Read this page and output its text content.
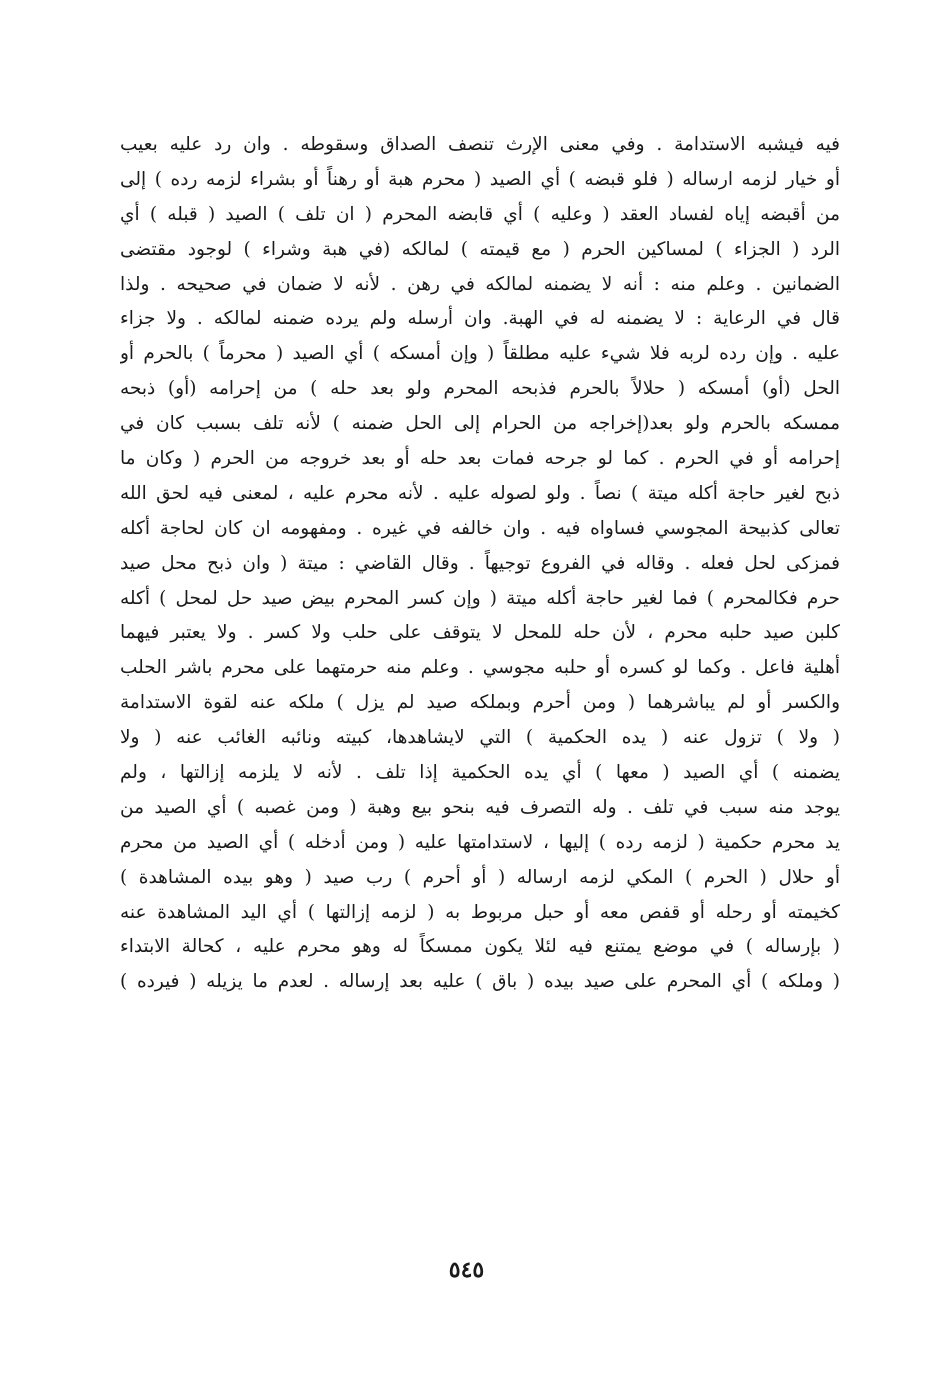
فيه فيشبه الاستدامة . وفي معنى الإرث تنصف الصداق وسقوطه . وان رد عليه بعيب
أو خيار لزمه ارساله ( فلو قبضه ) أي الصيد ( محرم هبة أو رهناً أو بشراء لزمه رده ) إلى
من أقبضه إياه لفساد العقد ( وعليه ) أي قابضه المحرم ( ان تلف ) الصيد ( قبله ) أي
الرد ( الجزاء ) لمساكين الحرم ( مع قيمته ) لمالكه (في هبة وشراء ) لوجود مقتضى
الضمانين . وعلم منه : أنه لا يضمنه لمالكه في رهن . لأنه لا ضمان في صحيحه . ولذا
قال في الرعاية : لا يضمنه له في الهبة. وان أرسله ولم يرده ضمنه لمالكه . ولا جزاء
عليه . وإن رده لربه فلا شيء عليه مطلقاً ( وإن أمسكه ) أي الصيد ( محرماً ) بالحرم أو
الحل (أو) أمسكه ( حلالاً بالحرم فذبحه المحرم ولو بعد حله ) من إحرامه (أو) ذبحه
ممسكه بالحرم ولو بعد(إخراجه من الحرام إلى الحل ضمنه ) لأنه تلف بسبب كان في
إحرامه أو في الحرم . كما لو جرحه فمات بعد حله أو بعد خروجه من الحرم ( وكان ما
ذبح لغير حاجة أكله ميتة ) نصاً . ولو لصوله عليه . لأنه محرم عليه ، لمعنى فيه لحق الله
تعالى كذبيحة المجوسي فساواه فيه . وان خالفه في غيره . ومفهومه ان كان لحاجة أكله
فمزكى لحل فعله . وقاله في الفروع توجيهاً . وقال القاضي : ميتة ( وان ذبح محل صيد
حرم فكالمحرم ) فما لغير حاجة أكله ميتة ( وإن كسر المحرم بيض صيد حل لمحل ) أكله
كلبن صيد حلبه محرم ، لأن حله للمحل لا يتوقف على حلب ولا كسر . ولا يعتبر فيهما
أهلية فاعل . وكما لو كسره أو حلبه مجوسي . وعلم منه حرمتهما على محرم باشر الحلب
والكسر أو لم يباشرهما ( ومن أحرم وبملكه صيد لم يزل ) ملكه عنه لقوة الاستدامة
( ولا ) تزول عنه ( يده الحكمية ) التي لايشاهدها، كبيته ونائبه الغائب عنه ( ولا
يضمنه ) أي الصيد ( معها ) أي يده الحكمية إذا تلف . لأنه لا يلزمه إزالتها ، ولم
يوجد منه سبب في تلف . وله التصرف فيه بنحو بيع وهبة ( ومن غصبه ) أي الصيد من
يد محرم حكمية ( لزمه رده ) إليها ، لاستدامتها عليه ( ومن أدخله ) أي الصيد من محرم
أو حلال ( الحرم ) المكي لزمه ارساله ( أو أحرم ) رب صيد ( وهو بيده المشاهدة )
كخيمته أو رحله أو قفص معه أو حبل مربوط به ( لزمه إزالتها ) أي اليد المشاهدة عنه
( بإرساله ) في موضع يمتنع فيه لئلا يكون ممسكاً له وهو محرم عليه ، كحالة الابتداء
( وملكه ) أي المحرم على صيد بيده ( باق ) عليه بعد إرساله . لعدم ما يزيله ( فيرده )
٥٤٥
